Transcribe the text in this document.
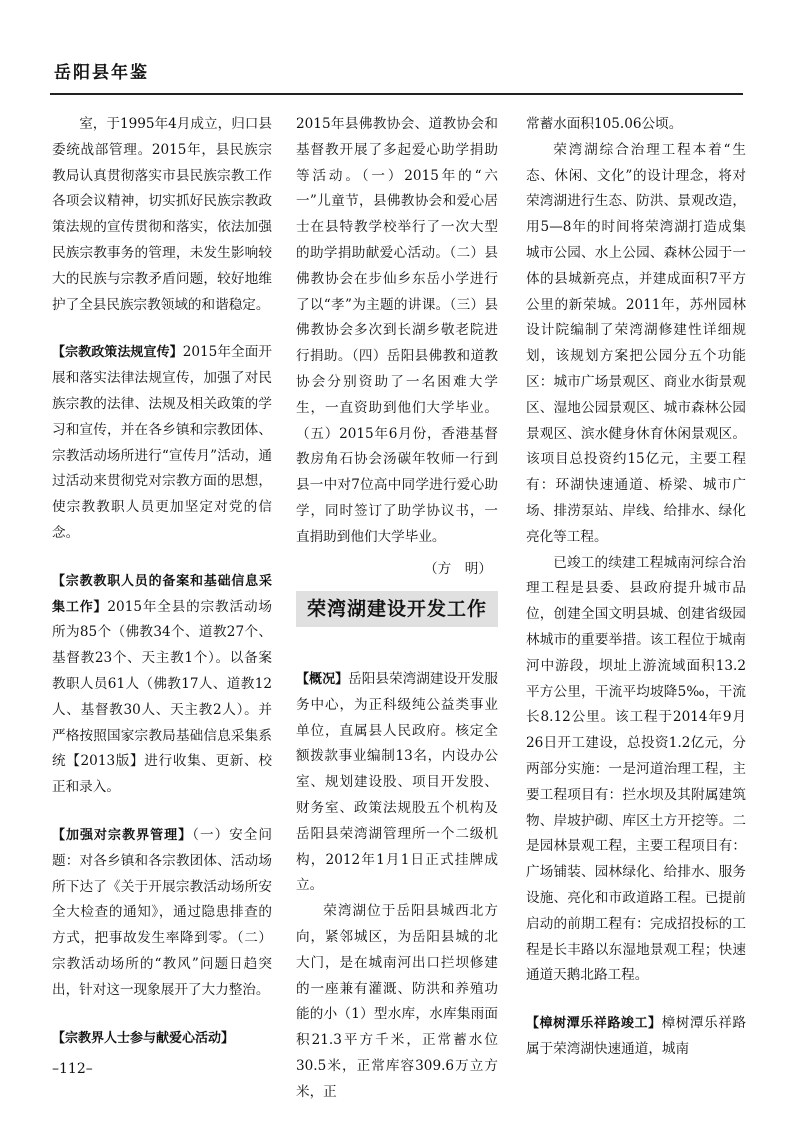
岳阳县年鉴

室，于1995年4月成立，归口县委统战部管理。2015年，县民族宗教局认真贯彻落实市县民族宗教工作各项会议精神，切实抓好民族宗教政策法规的宣传贯彻和落实，依法加强民族宗教事务的管理，未发生影响较大的民族与宗教矛盾问题，较好地维护了全县民族宗教领域的和谐稳定。

【宗教政策法规宣传】2015年全面开展和落实法律法规宣传，加强了对民族宗教的法律、法规及相关政策的学习和宣传，并在各乡镇和宗教团体、宗教活动场所进行“宣传月”活动，通过活动来贯彻党对宗教方面的思想，使宗教教职人员更加坚定对党的信念。

【宗教教职人员的备案和基础信息采集工作】2015年全县的宗教活动场所为85个（佛教34个、道教27个、基督教23个、天主教1个）。以备案教职人员61人（佛教17人、道教12人、基督教30人、天主教2人）。并严格按照国家宗教局基础信息采集系统【2013版】进行收集、更新、校正和录入。

【加强对宗教界管理】（一）安全问题：对各乡镇和各宗教团体、活动场所下达了《关于开展宗教活动场所安全大检查的通知》，通过隐患排查的方式，把事故发生率降到零。（二）宗教活动场所的“教风”问题日趋突出，针对这一现象展开了大力整治。

【宗教界人士参与献爱心活动】

2015年县佛教协会、道教协会和基督教开展了多起爱心助学捐助等活动。（一）2015年的“六一”儿童节，县佛教协会和爱心居士在县特教学校举行了一次大型的助学捐助献爱心活动。（二）县佛教协会在步仙乡东岳小学进行了以“孝”为主题的讲课。（三）县佛教协会多次到长湖乡敬老院进行捐助。（四）岳阳县佛教和道教协会分别资助了一名困难大学生，一直资助到他们大学毕业。（五）2015年6月份，香港基督教房角石协会汤碳年牧师一行到县一中对7位高中同学进行爱心助学，同时签订了助学协议书，一直捐助到他们大学毕业。

（方　明）
荣湾湖建设开发工作

【概况】岳阳县荣湾湖建设开发服务中心，为正科级纯公益类事业单位，直属县人民政府。核定全额拨款事业编制13名，内设办公室、规划建设股、项目开发股、财务室、政策法规股五个机构及岳阳县荣湾湖管理所一个二级机构，2012年1月1日正式挂牌成立。

荣湾湖位于岳阳县城西北方向，紧邻城区，为岳阳县城的北大门，是在城南河出口拦坝修建的一座兼有灌溉、防洪和养殖功能的小（1）型水库，水库集雨面积21.3平方千米，正常蓄水位30.5米，正常库容309.6万立方米，正

常蓄水面积105.06公顷。

荣湾湖综合治理工程本着“生态、休闲、文化”的设计理念，将对荣湾湖进行生态、防洪、景观改造，用5—8年的时间将荣湾湖打造成集城市公园、水上公园、森林公园于一体的县城新亮点，并建成面积7平方公里的新荣城。2011年，苏州园林设计院编制了荣湾湖修建性详细规划，该规划方案把公园分五个功能区：城市广场景观区、商业水街景观区、湿地公园景观区、城市森林公园景观区、滨水健身休育休闲景观区。该项目总投资约15亿元，主要工程有：环湖快速通道、桥梁、城市广场、排涝泵站、岸线、给排水、绿化亮化等工程。

已竣工的续建工程城南河综合治理工程是县委、县政府提升城市品位，创建全国文明县城、创建省级园林城市的重要举措。该工程位于城南河中游段，坝址上游流域面积13.2平方公里，干流平均坡降5‰，干流长8.12公里。该工程于2014年9月26日开工建设，总投资1.2亿元，分两部分实施：一是河道治理工程，主要工程项目有：拦水坝及其附属建筑物、岸坡护砌、库区土方开挖等。二是园林景观工程，主要工程项目有：广场铺装、园林绿化、给排水、服务设施、亮化和市政道路工程。已提前启动的前期工程有：完成招投标的工程是长丰路以东湿地景观工程；快速通道天鹅北路工程。

【樟树潭乐祥路竣工】樟树潭乐祥路属于荣湾湖快速通道，城南

–112–
